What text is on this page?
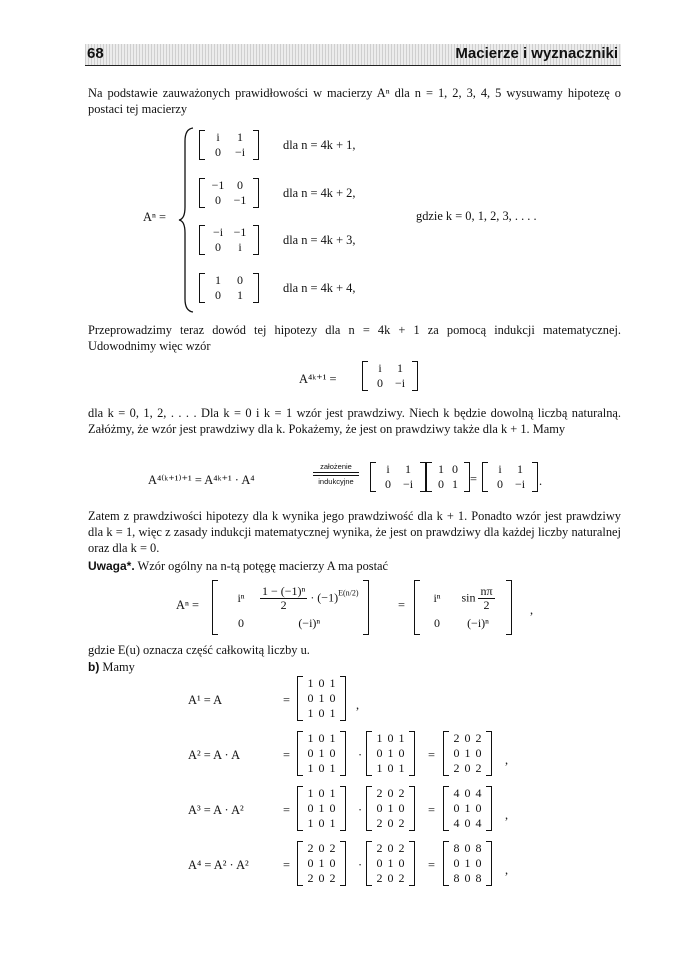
68	Macierze i wyznaczniki
Na podstawie zauważonych prawidłowości w macierzy Aⁿ dla n = 1, 2, 3, 4, 5 wysuwamy hipotezę o postaci tej macierzy
Aⁿ =	gdzie k = 0, 1, 2, 3, . . . .
Przeprowadzimy teraz dowód tej hipotezy dla n = 4k + 1 za pomocą indukcji matematycznej. Udowodnimy więc wzór
A⁴ᵏ⁺¹ =
dla k = 0, 1, 2, . . . . Dla k = 0 i k = 1 wzór jest prawdziwy. Niech k będzie dowolną liczbą naturalną. Załóżmy, że wzór jest prawdziwy dla k. Pokażemy, że jest on prawdziwy także dla k + 1. Mamy
A⁴⁽ᵏ⁺¹⁾⁺¹ = A⁴ᵏ⁺¹ · A⁴
założenie
indukcyjne	=	.
Zatem z prawdziwości hipotezy dla k wynika jego prawdziwość dla k + 1. Ponadto wzór jest prawdziwy dla k = 1, więc z zasady indukcji matematycznej wynika, że jest on prawdziwy dla każdej liczby naturalnej oraz dla k = 0.
Uwaga*. Wzór ogólny na n-tą potęgę macierzy A ma postać
Aⁿ =
iⁿ	$\frac{\text{1 − (−1)ⁿ}}{2} \cdot (-1)^{E(n/2)}$
0	(−i)ⁿ
=
iⁿ	$\sin \frac{n\pi}{2}$
0	(−i)ⁿ
,
gdzie E(u) oznacza część całkowitą liczby u.
b) Mamy
i	1
0	−i	dla n = 4k + 1,
−1	0
0	−1	dla n = 4k + 2,
−i −1
0	i	dla n = 4k + 3,
1	0
0	1	dla n = 4k + 4,
i	1
0 −i
i	1
0 −i
1 0
0 1
i	1
0 −i
A¹ = A	=
1 0 1
0 1 0
1 0 1
,
A² = A · A	=
1 0 1
0 1 0
1 0 1
·
1 0 1
0 1 0
1 0 1
=
2 0 2
0 1 0
2 0 2
,
A³ = A · A²	=
1 0 1
0 1 0
1 0 1
·
2 0 2
0 1 0
2 0 2
=
4 0 4
0 1 0
4 0 4
,
A⁴ = A² · A²	=
2 0 2
0 1 0
2 0 2
·
2 0 2
0 1 0
2 0 2
=
8 0 8
0 1 0
8 0 8
,
